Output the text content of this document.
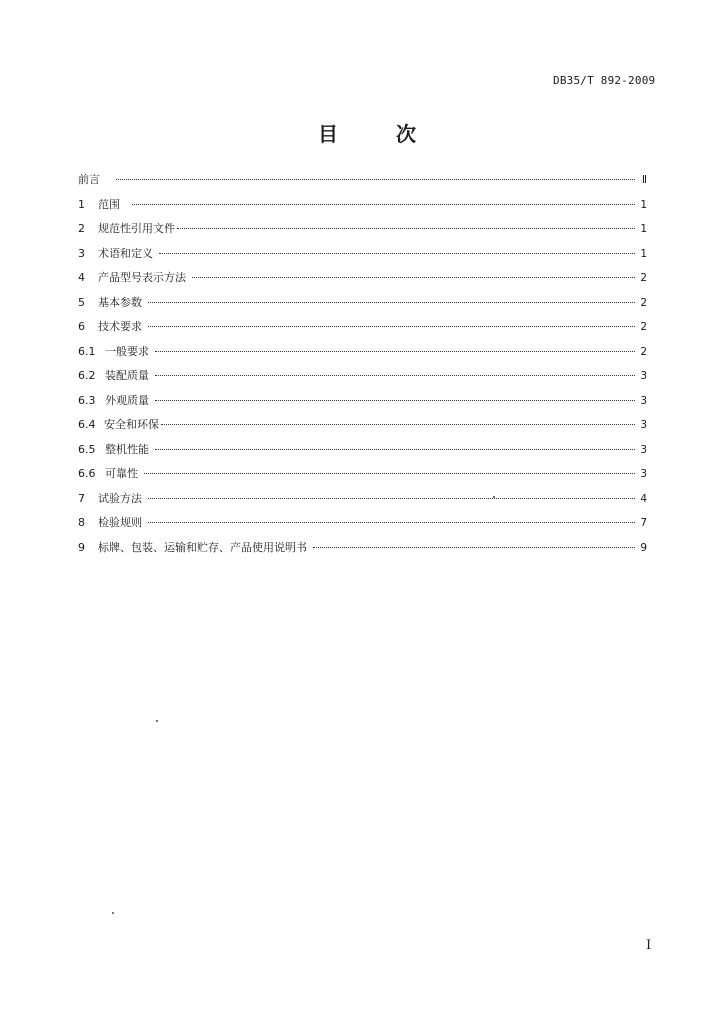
DB35/T 892-2009
目	次
前言	Ⅱ
1	范围	1
2	规范性引用文件	1
3	术语和定义	1
4	产品型号表示方法	2
5	基本参数	2
6	技术要求	2
6.1 一般要求	2
6.2 装配质量	3
6.3 外观质量	3
6.4 安全和环保	3
6.5 整机性能	3
6.6 可靠性	3
7	试验方法	4
8	检验规则	7
9	标牌、包装、运输和贮存、产品使用说明书	9
I
